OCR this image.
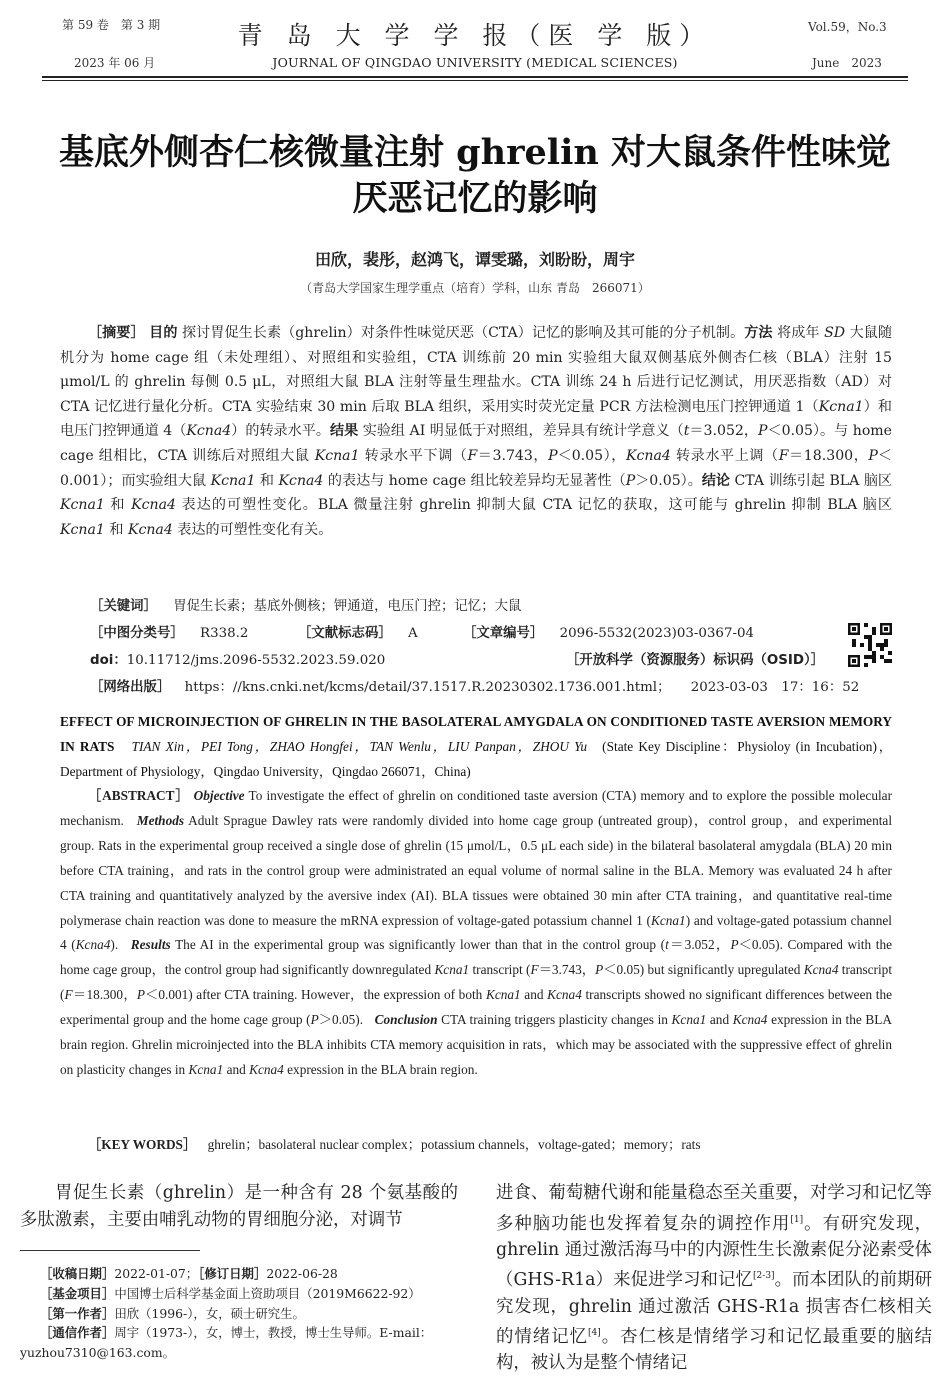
第 59 卷　第 3 期
2023 年 06 月
青 岛 大 学 学 报（医 学 版）
JOURNAL OF QINGDAO UNIVERSITY (MEDICAL SCIENCES)
Vol.59，No.3
June　2023
基底外侧杏仁核微量注射 ghrelin 对大鼠条件性味觉
厌恶记忆的影响
田欣，裴彤，赵鸿飞，谭雯璐，刘盼盼，周宇
（青岛大学国家生理学重点（培育）学科，山东 青岛　266071）
［摘要］ 目的 探讨胃促生长素（ghrelin）对条件性味觉厌恶（CTA）记忆的影响及其可能的分子机制。方法 将成年 SD 大鼠随机分为 home cage 组（未处理组）、对照组和实验组，CTA 训练前 20 min 实验组大鼠双侧基底外侧杏仁核（BLA）注射 15 μmol/L 的 ghrelin 每侧 0.5 μL，对照组大鼠 BLA 注射等量生理盐水。CTA 训练 24 h 后进行记忆测试，用厌恶指数（AD）对 CTA 记忆进行量化分析。CTA 实验结束 30 min 后取 BLA 组织，采用实时荧光定量 PCR 方法检测电压门控钾通道 1（Kcna1）和电压门控钾通道 4（Kcna4）的转录水平。结果 实验组 AI 明显低于对照组，差异具有统计学意义（t＝3.052，P＜0.05）。与 home cage 组相比，CTA 训练后对照组大鼠 Kcna1 转录水平下调（F＝3.743，P＜0.05），Kcna4 转录水平上调（F＝18.300，P＜0.001）；而实验组大鼠 Kcna1 和 Kcna4 的表达与 home cage 组比较差异均无显著性（P＞0.05）。结论 CTA 训练引起 BLA 脑区 Kcna1 和 Kcna4 表达的可塑性变化。BLA 微量注射 ghrelin 抑制大鼠 CTA 记忆的获取，这可能与 ghrelin 抑制 BLA 脑区 Kcna1 和 Kcna4 表达的可塑性变化有关。
［关键词］ 胃促生长素；基底外侧核；钾通道，电压门控；记忆；大鼠
［中图分类号］ R338.2	［文献标志码］ A	［文章编号］ 2096-5532(2023)03-0367-04
doi：10.11712/jms.2096-5532.2023.59.020	［开放科学（资源服务）标识码（OSID）］
［网络出版］ https：//kns.cnki.net/kcms/detail/37.1517.R.20230302.1736.001.html； 2023-03-03　17：16：52
EFFECT OF MICROINJECTION OF GHRELIN IN THE BASOLATERAL AMYGDALA ON CONDITIONED TASTE AVERSION MEMORY IN RATS TIAN Xin，PEI Tong，ZHAO Hongfei，TAN Wenlu，LIU Panpan，ZHOU Yu (State Key Discipline：Physioloy (in Incubation)，Department of Physiology，Qingdao University，Qingdao 266071，China)
［ABSTRACT］ Objective To investigate the effect of ghrelin on conditioned taste aversion (CTA) memory and to explore the possible molecular mechanism. Methods Adult Sprague Dawley rats were randomly divided into home cage group (untreated group)，control group，and experimental group. Rats in the experimental group received a single dose of ghrelin (15 μmol/L，0.5 μL each side) in the bilateral basolateral amygdala (BLA) 20 min before CTA training，and rats in the control group were administrated an equal volume of normal saline in the BLA. Memory was evaluated 24 h after CTA training and quantitatively analyzed by the aversive index (AI). BLA tissues were obtained 30 min after CTA training，and quantitative real-time polymerase chain reaction was done to measure the mRNA expression of voltage-gated potassium channel 1 (Kcna1) and voltage-gated potassium channel 4 (Kcna4). Results The AI in the experimental group was significantly lower than that in the control group (t＝3.052，P＜0.05). Compared with the home cage group，the control group had significantly downregulated Kcna1 transcript (F＝3.743，P＜0.05) but significantly upregulated Kcna4 transcript (F＝18.300，P＜0.001) after CTA training. However，the expression of both Kcna1 and Kcna4 transcripts showed no significant differences between the experimental group and the home cage group (P＞0.05). Conclusion CTA training triggers plasticity changes in Kcna1 and Kcna4 expression in the BLA brain region. Ghrelin microinjected into the BLA inhibits CTA memory acquisition in rats，which may be associated with the suppressive effect of ghrelin on plasticity changes in Kcna1 and Kcna4 expression in the BLA brain region.
［KEY WORDS］ ghrelin；basolateral nuclear complex；potassium channels，voltage-gated；memory；rats
胃促生长素（ghrelin）是一种含有 28 个氨基酸的多肽激素，主要由哺乳动物的胃细胞分泌，对调节
［收稿日期］2022-01-07；［修订日期］2022-06-28
［基金项目］中国博士后科学基金面上资助项目（2019M6622-92）
［第一作者］田欣（1996-），女，硕士研究生。
［通信作者］周宇（1973-），女，博士，教授，博士生导师。E-mail：yuzhou7310@163.com。
进食、葡萄糖代谢和能量稳态至关重要，对学习和记忆等多种脑功能也发挥着复杂的调控作用[1]。有研究发现，ghrelin 通过激活海马中的内源性生长激素促分泌素受体（GHS-R1a）来促进学习和记忆[2-3]。而本团队的前期研究发现，ghrelin 通过激活 GHS-R1a 损害杏仁核相关的情绪记忆[4]。杏仁核是情绪学习和记忆最重要的脑结构，被认为是整个情绪记
